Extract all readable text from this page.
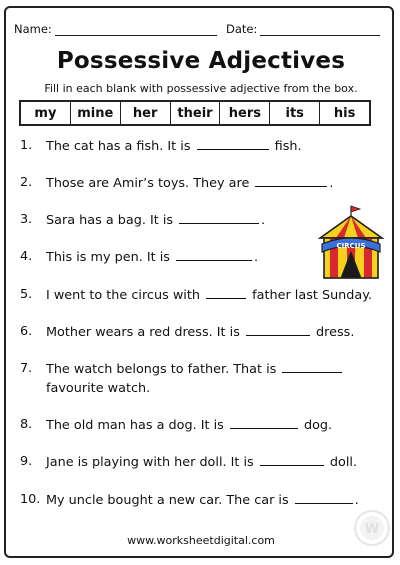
Name:	Date:
Possessive Adjectives
Fill in each blank with possessive adjective from the box.
my	mine	her	their	hers	its	his
1.	The cat has a fish. It is	fish.
2.	Those are Amir’s toys. They are	.
3.	Sara has a bag. It is	.
4.	This is my pen. It is	.
5.	I went to the circus with	father last Sunday.
6.	Mother wears a red dress. It is	dress.
7.	The watch belongs to father. That is
favourite watch.
8.	The old man has a dog. It is	dog.
9.	Jane is playing with her doll. It is	doll.
10. My uncle bought a new car. The car is	.
CIRCUS
www.worksheetdigital.com
W
